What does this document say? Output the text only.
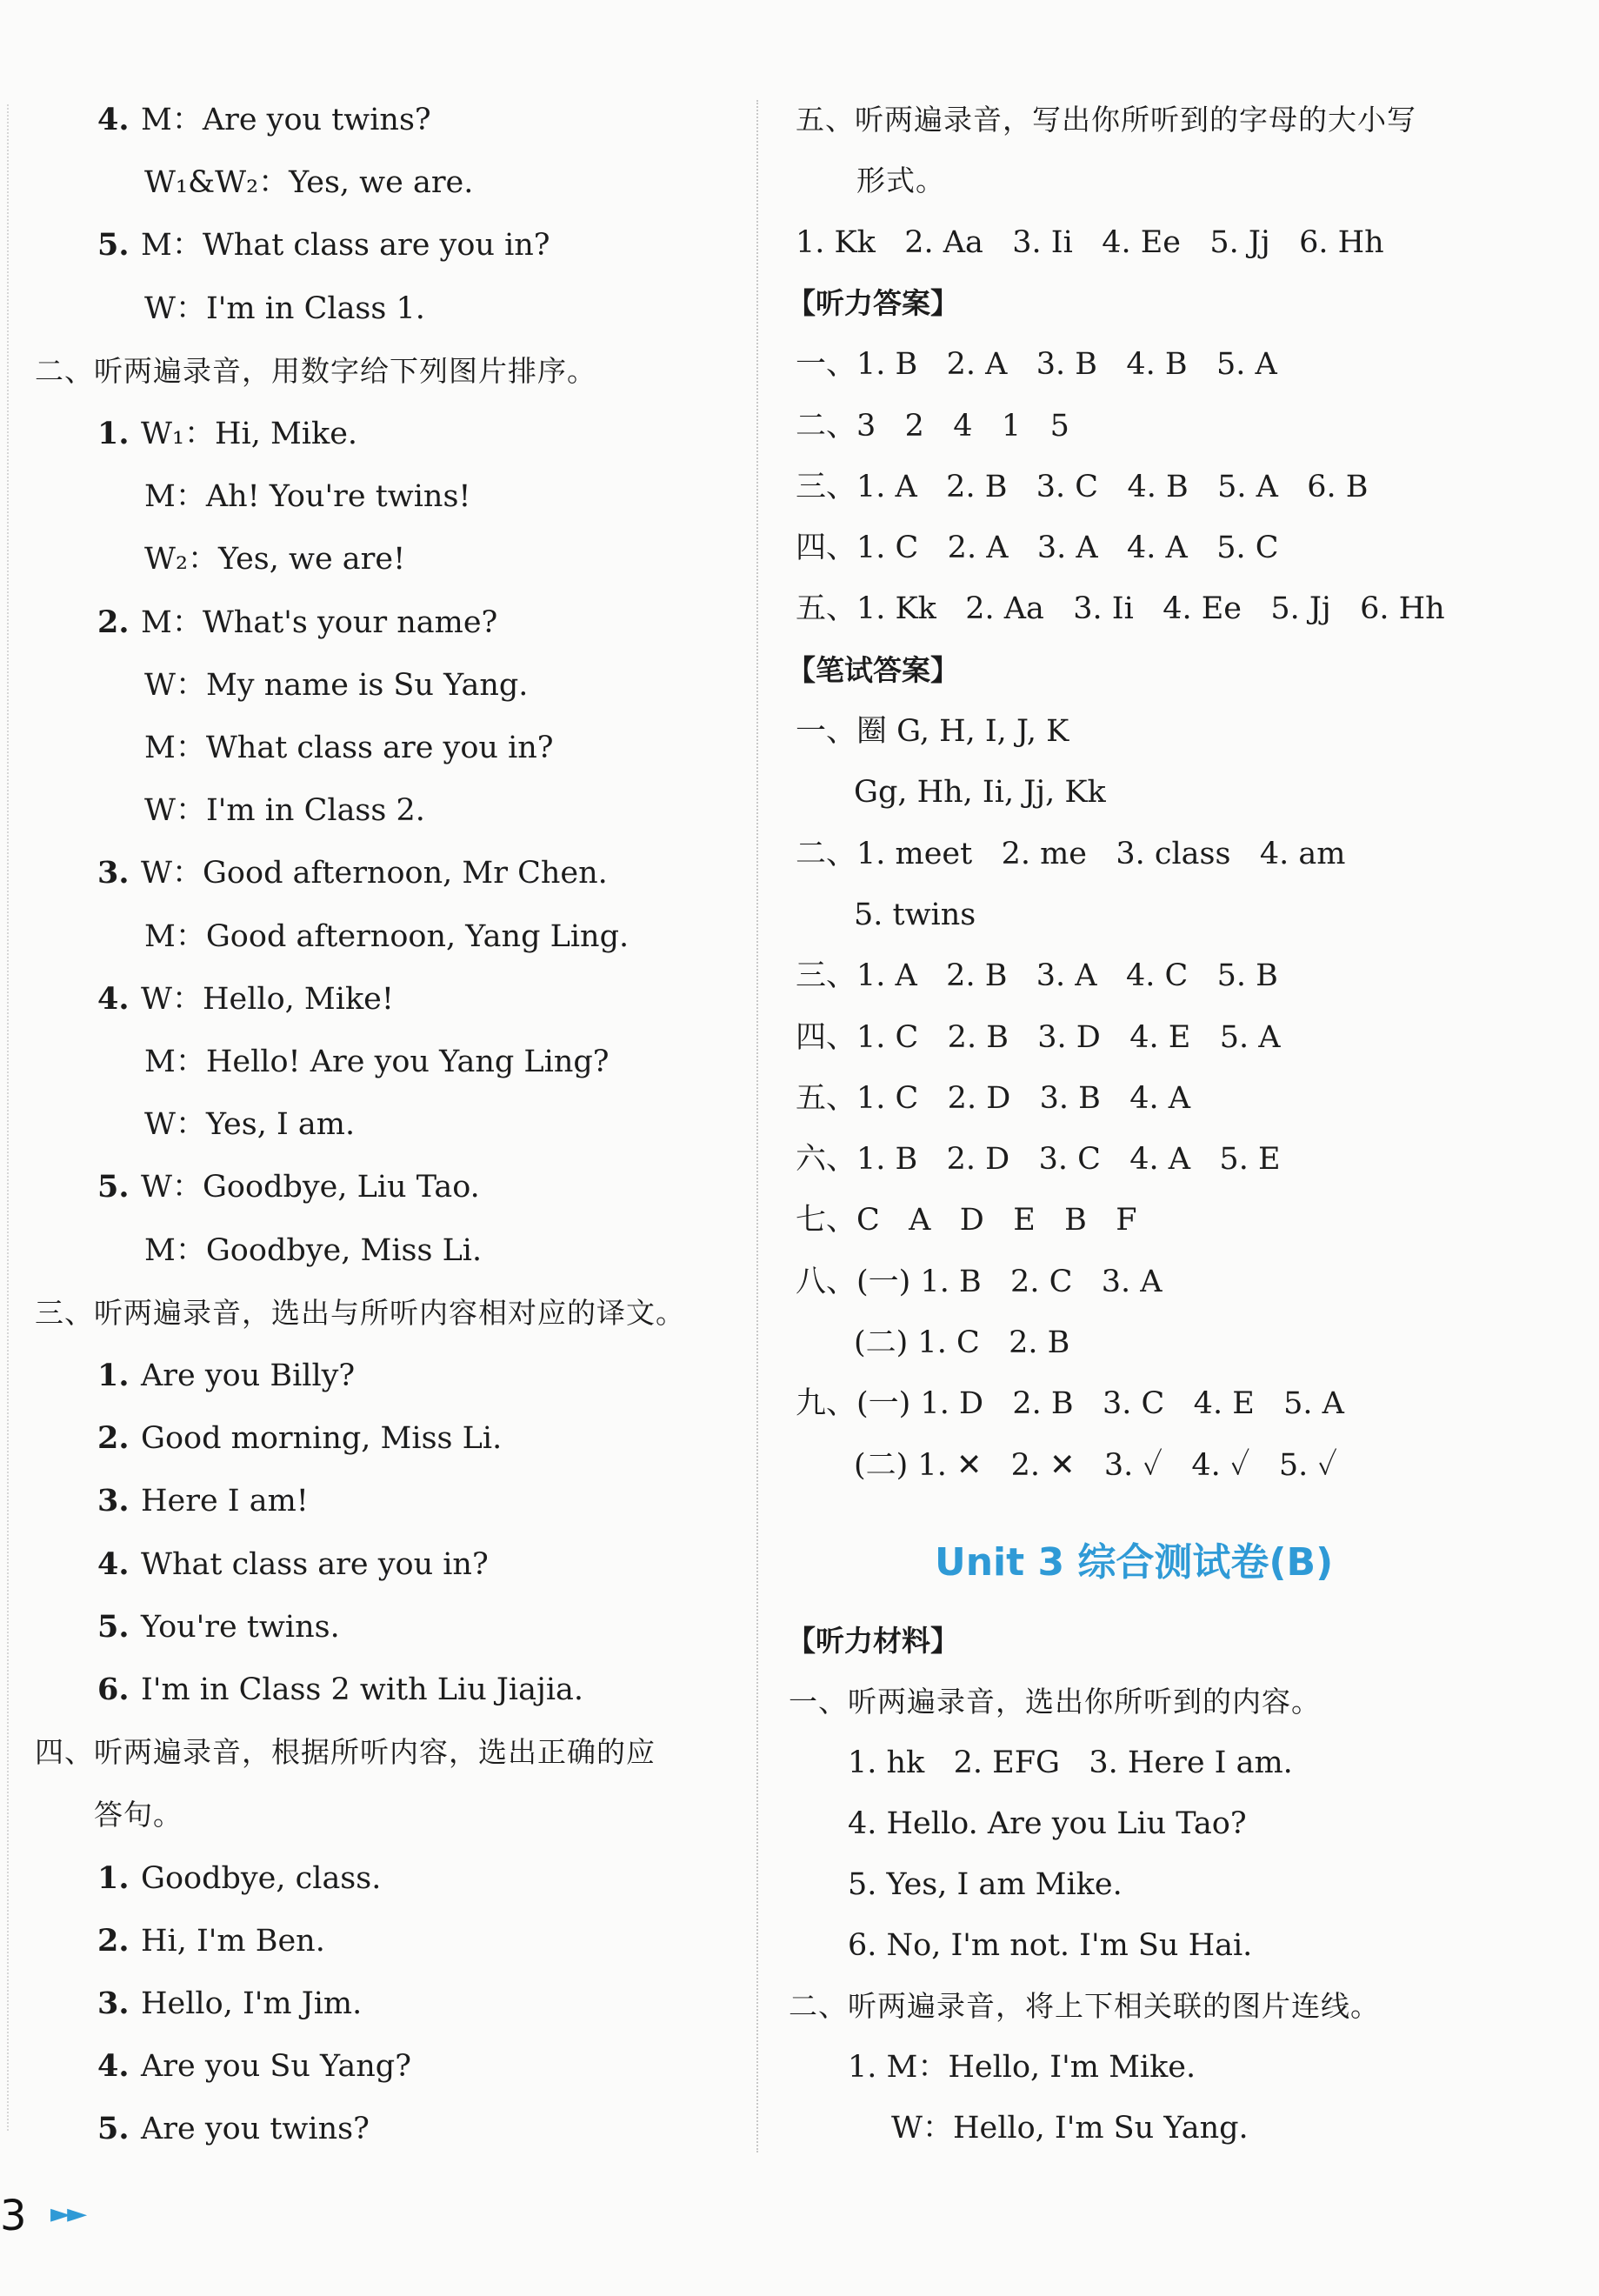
4. M：Are you twins?
W₁&W₂：Yes, we are.
5. M：What class are you in?
W：I'm in Class 1.
二、听两遍录音，用数字给下列图片排序。
1. W₁：Hi, Mike.
M：Ah! You're twins!
W₂：Yes, we are!
2. M：What's your name?
W：My name is Su Yang.
M：What class are you in?
W：I'm in Class 2.
3. W：Good afternoon, Mr Chen.
M：Good afternoon, Yang Ling.
4. W：Hello, Mike!
M：Hello! Are you Yang Ling?
W：Yes, I am.
5. W：Goodbye, Liu Tao.
M：Goodbye, Miss Li.
三、听两遍录音，选出与所听内容相对应的译文。
1. Are you Billy?
2. Good morning, Miss Li.
3. Here I am!
4. What class are you in?
5. You're twins.
6. I'm in Class 2 with Liu Jiajia.
四、听两遍录音，根据所听内容，选出正确的应
答句。
1. Goodbye, class.
2. Hi, I'm Ben.
3. Hello, I'm Jim.
4. Are you Su Yang?
5. Are you twins?
五、听两遍录音，写出你所听到的字母的大小写
形式。
1. Kk   2. Aa   3. Ii   4. Ee   5. Jj   6. Hh
【听力答案】
一、1. B   2. A   3. B   4. B   5. A
二、3   2   4   1   5
三、1. A   2. B   3. C   4. B   5. A   6. B
四、1. C   2. A   3. A   4. A   5. C
五、1. Kk   2. Aa   3. Ii   4. Ee   5. Jj   6. Hh
【笔试答案】
一、圈 G, H, I, J, K
Gg, Hh, Ii, Jj, Kk
二、1. meet   2. me   3. class   4. am
5. twins
三、1. A   2. B   3. A   4. C   5. B
四、1. C   2. B   3. D   4. E   5. A
五、1. C   2. D   3. B   4. A
六、1. B   2. D   3. C   4. A   5. E
七、C   A   D   E   B   F
八、(一) 1. B   2. C   3. A
(二) 1. C   2. B
九、(一) 1. D   2. B   3. C   4. E   5. A
(二) 1. ✕   2. ✕   3. ✓   4. ✓   5. ✓
【听力材料】
一、听两遍录音，选出你所听到的内容。
1. hk   2. EFG   3. Here I am.
4. Hello. Are you Liu Tao?
5. Yes, I am Mike.
6. No, I'm not. I'm Su Hai.
二、听两遍录音，将上下相关联的图片连线。
1. M：Hello, I'm Mike.
W：Hello, I'm Su Yang.
Unit 3 综合测试卷(B)
3 ►►
